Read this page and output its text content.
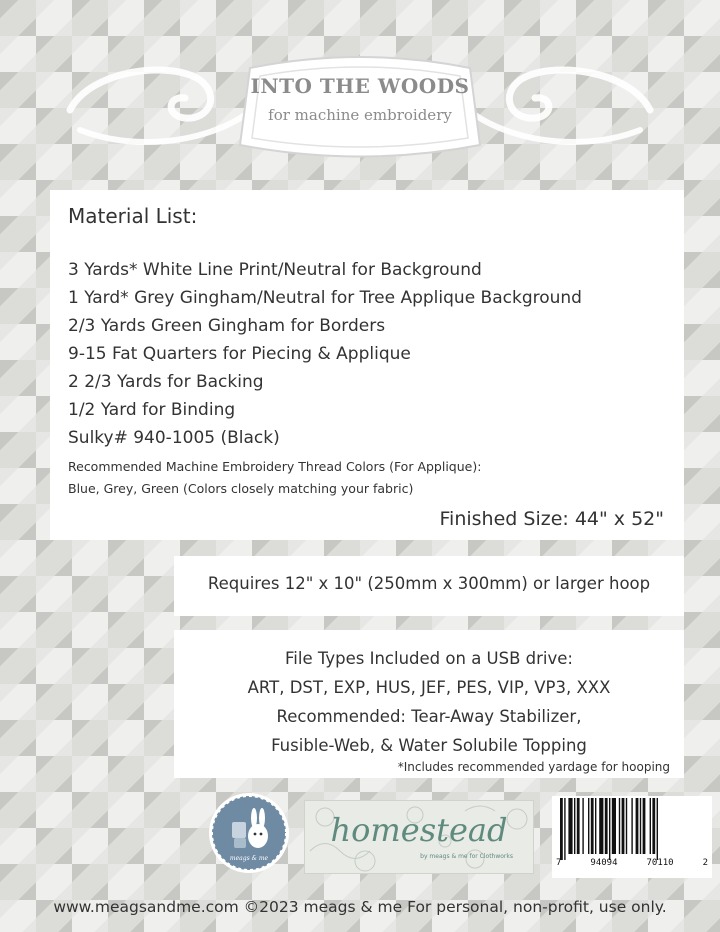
INTO THE WOODS
for machine embroidery
Material List:
3 Yards* White Line Print/Neutral for Background
1 Yard* Grey Gingham/Neutral for Tree Applique Background
2/3 Yards Green Gingham for Borders
9-15 Fat Quarters for Piecing & Applique
2 2/3 Yards for Backing
1/2 Yard for Binding
Sulky# 940-1005 (Black)
Recommended Machine Embroidery Thread Colors (For Applique):
Blue, Grey, Green (Colors closely matching your fabric)
Finished Size: 44" x 52"
Requires 12" x 10" (250mm x 300mm) or larger hoop
File Types Included on a USB drive:
ART, DST, EXP, HUS, JEF, PES, VIP, VP3, XXX
Recommended: Tear-Away Stabilizer,
Fusible-Web, & Water Solubile Topping
*Includes recommended yardage for hooping
meags & me
homestead
by meags & me for Clothworks
7	94094	70110	2
www.meagsandme.com ©2023 meags & me For personal, non-profit, use only.
